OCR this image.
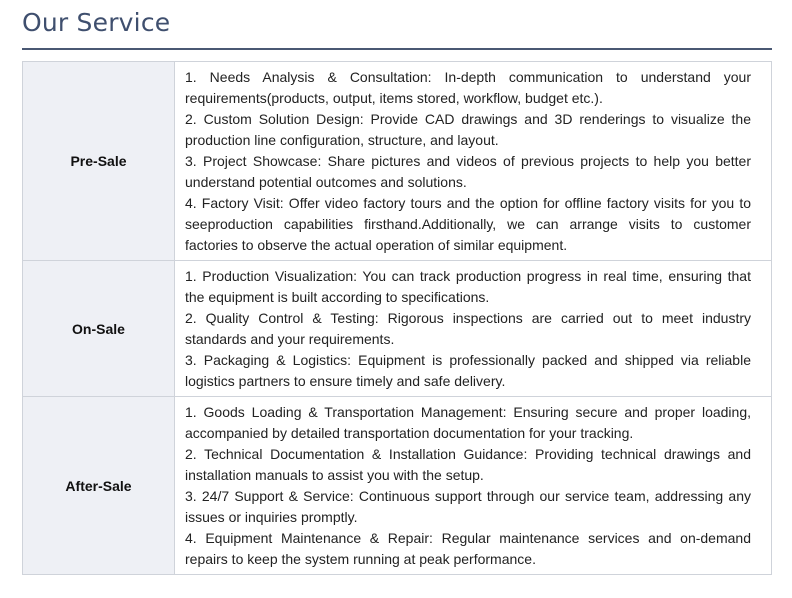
Our Service
Pre-Sale	1. Needs Analysis & Consultation: In-depth communication to understand your requirements(products, output, items stored, workflow, budget etc.).

2. Custom Solution Design: Provide CAD drawings and 3D renderings to visualize the production line configuration, structure, and layout.

3. Project Showcase: Share pictures and videos of previous projects to help you better understand potential outcomes and solutions.

4. Factory Visit: Offer video factory tours and the option for offline factory visits for you to seeproduction capabilities firsthand.Additionally, we can arrange visits to customer factories to observe the actual operation of similar equipment.

On-Sale	1. Production Visualization: You can track production progress in real time, ensuring that the equipment is built according to specifications.

2. Quality Control & Testing: Rigorous inspections are carried out to meet industry standards and your requirements.

3. Packaging & Logistics: Equipment is professionally packed and shipped via reliable logistics partners to ensure timely and safe delivery.

After-Sale	1. Goods Loading & Transportation Management: Ensuring secure and proper loading, accompanied by detailed transportation documentation for your tracking.

2. Technical Documentation & Installation Guidance: Providing technical drawings and installation manuals to assist you with the setup.

3. 24/7 Support & Service: Continuous support through our service team, addressing any issues or inquiries promptly.

4. Equipment Maintenance & Repair: Regular maintenance services and on-demand repairs to keep the system running at peak performance.
